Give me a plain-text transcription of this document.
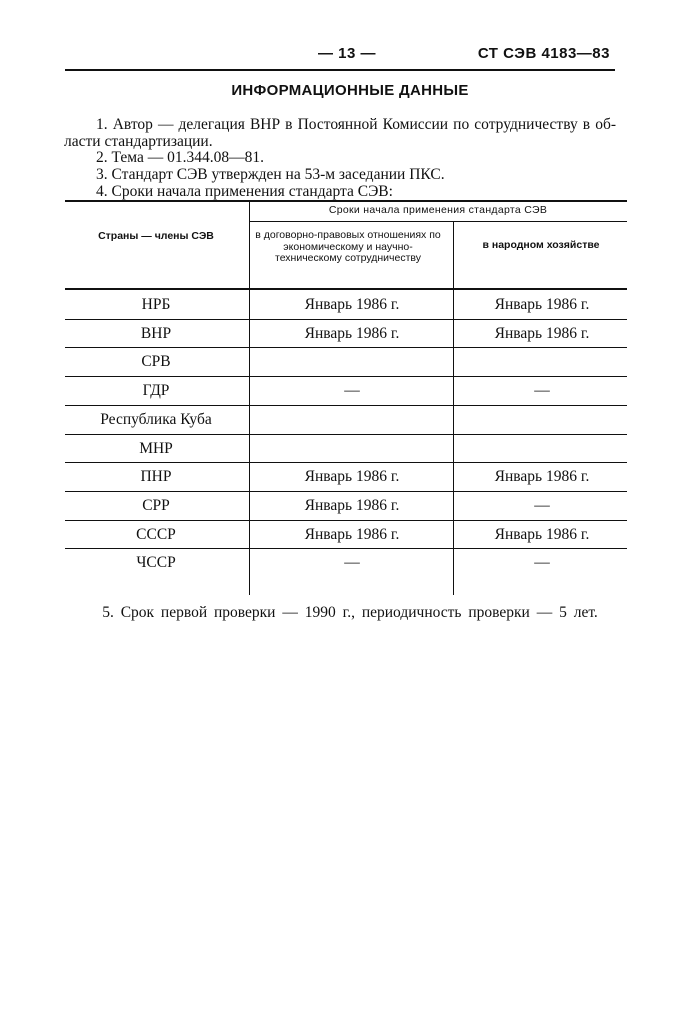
— 13 —	СТ СЭВ 4183—83
ИНФОРМАЦИОННЫЕ ДАННЫЕ
1. Автор — делегация ВНР в Постоянной Комиссии по сотрудничеству в об-
ласти стандартизации.
2. Тема — 01.344.08—81.
3. Стандарт СЭВ утвержден на 53-м заседании ПКС.
4. Сроки начала применения стандарта СЭВ:
Страны — члены СЭВ
Сроки начала применения стандарта СЭВ
в договорно-правовых отношениях по экономическому и научно-техническому сотрудничеству
в народном хозяйстве
НРБ	Январь 1986 г.	Январь 1986 г.
ВНР	Январь 1986 г.	Январь 1986 г.
СРВ
ГДР	—	—
Республика Куба
МНР
ПНР	Январь 1986 г.	Январь 1986 г.
СРР	Январь 1986 г.	—
СССР	Январь 1986 г.	Январь 1986 г.
ЧССР	—	—
5. Срок первой проверки — 1990 г., периодичность проверки — 5 лет.
